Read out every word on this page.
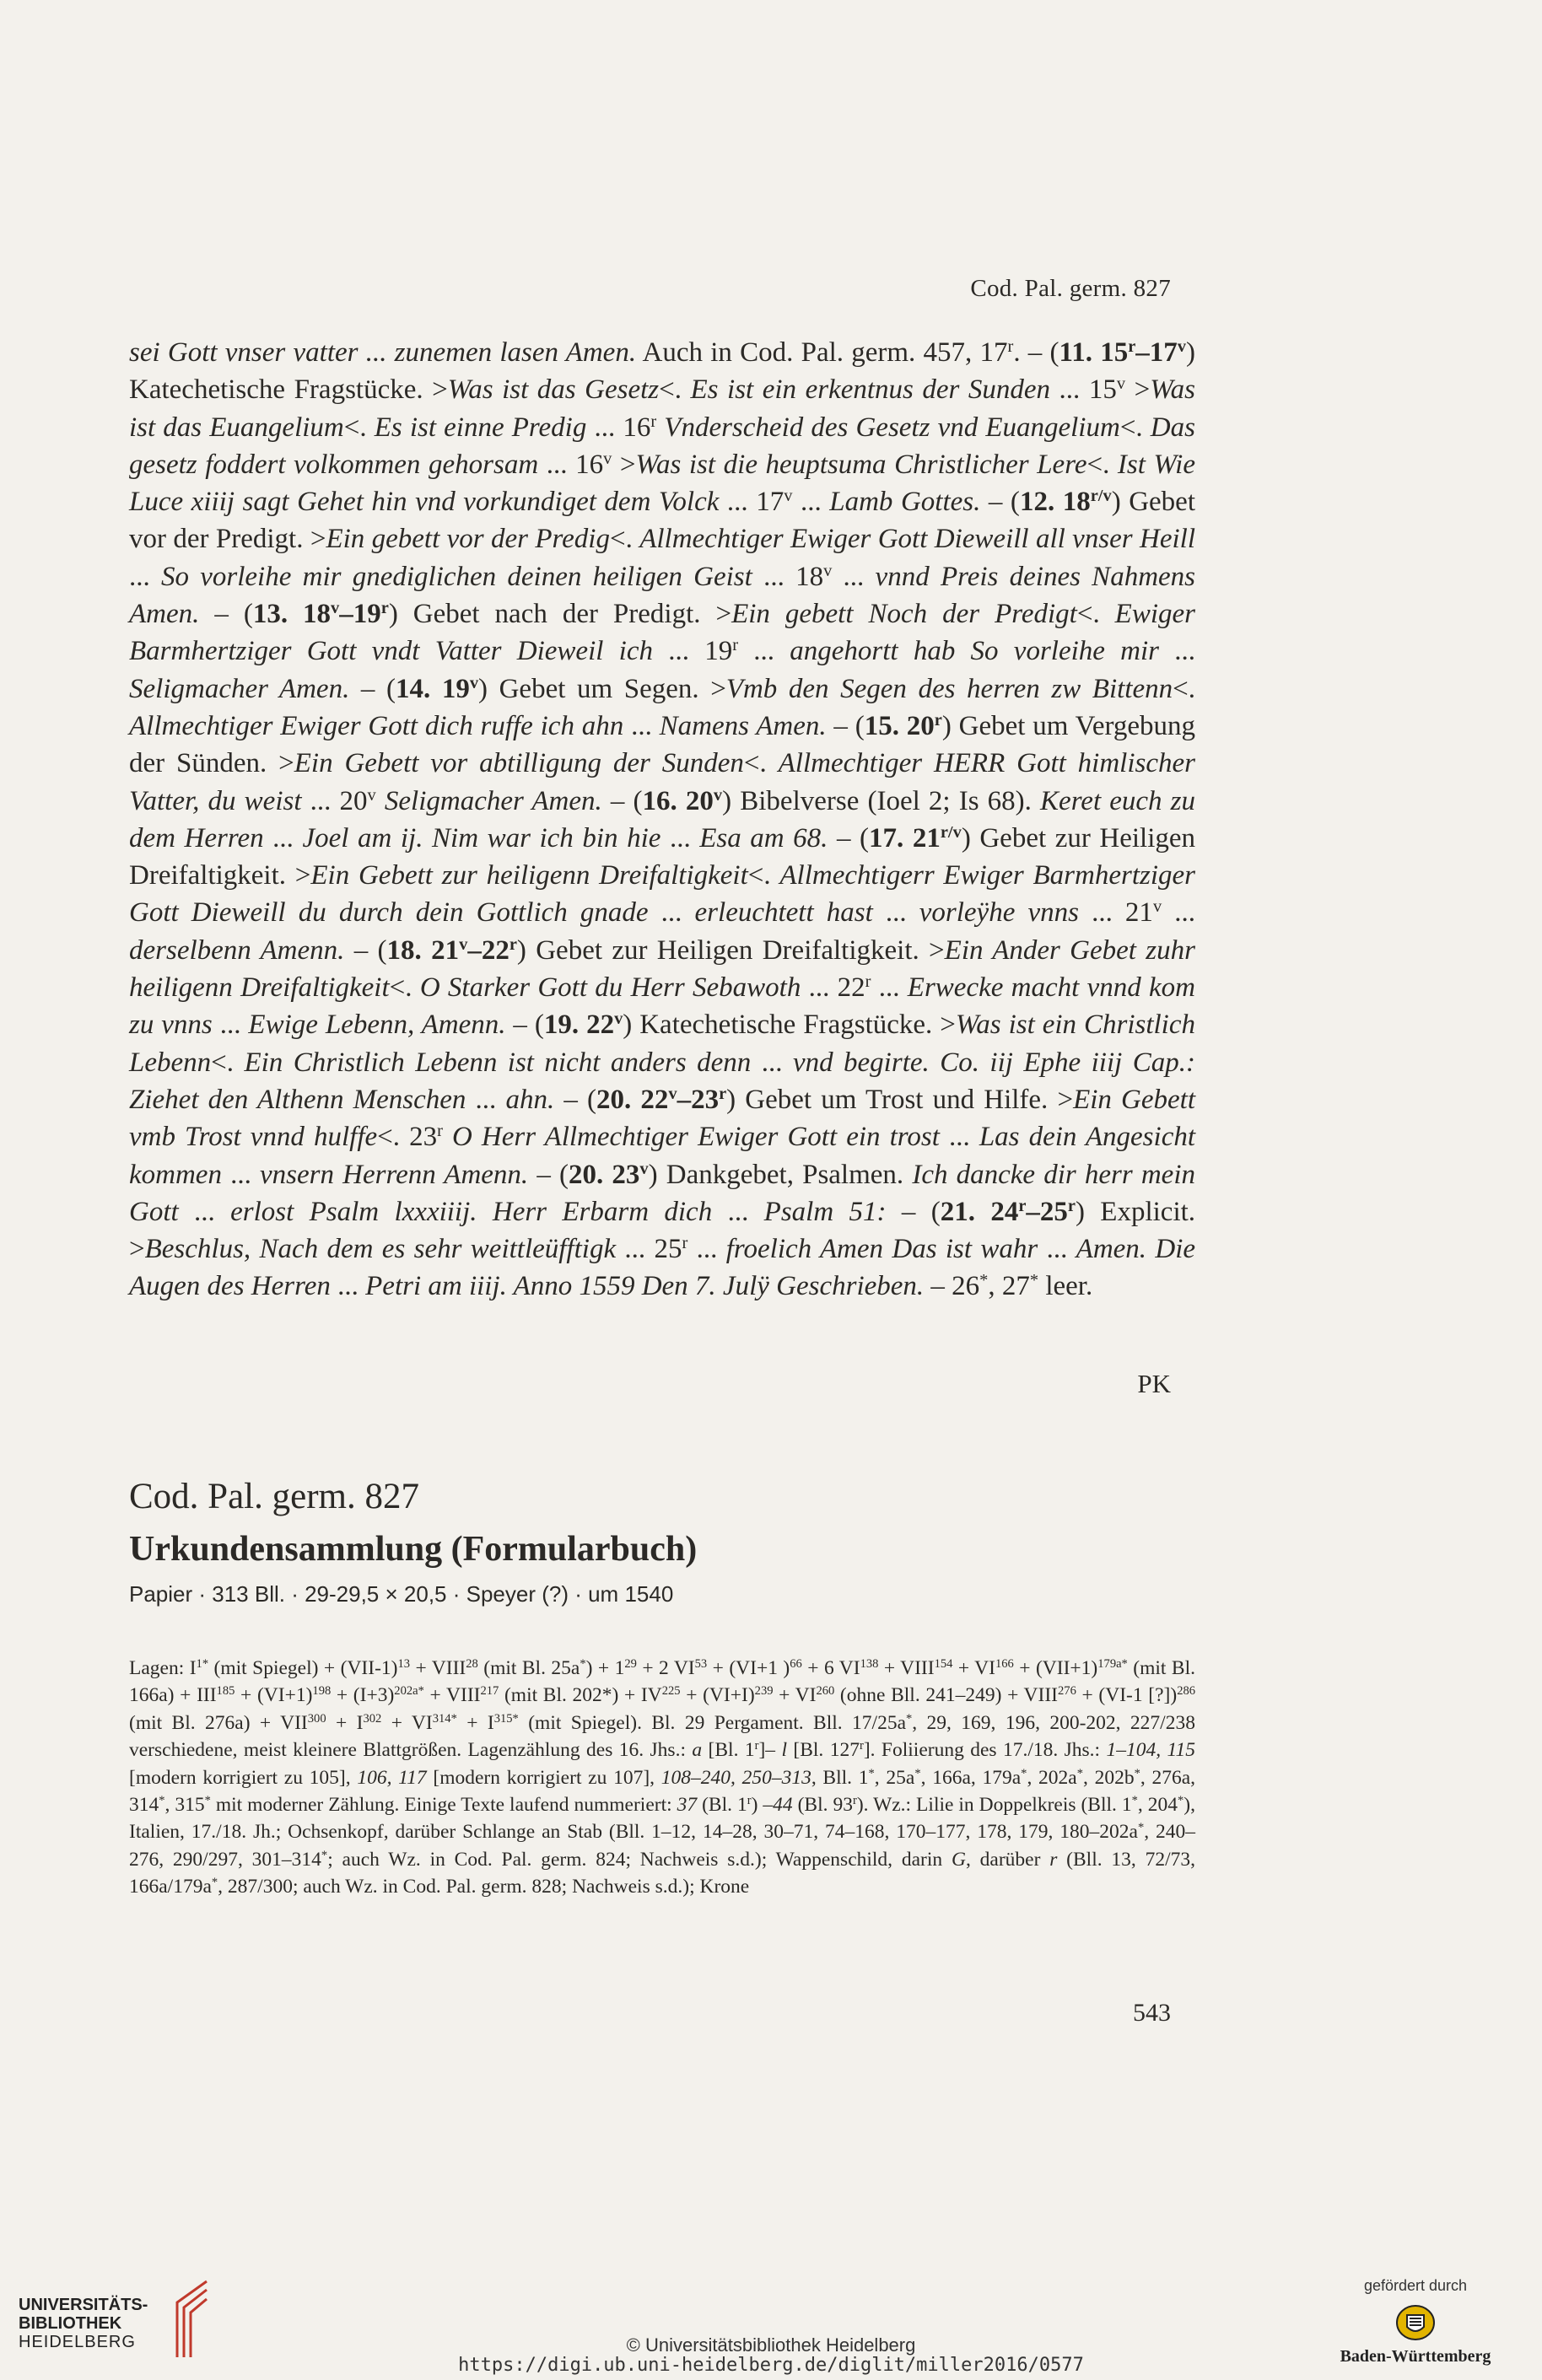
Cod. Pal. germ. 827

sei Gott vnser vatter ... zunemen lasen Amen. Auch in Cod. Pal. germ. 457, 17$^r$. – (11. 15$^r$–17$^v$) Katechetische Fragstücke. >Was ist das Gesetz<. Es ist ein erkentnus der Sunden ... $15^v >Was$ ist das Euangelium<. Es ist einne Predig ... 16$^r$ Vnderscheid des Gesetz vnd Euangelium<. Das gesetz foddert volkommen gehorsam ... $16^v >Was$ ist die heuptsuma Christlicher Lere<. Ist Wie Luce xiiij sagt Gehet hin vnd vorkundiget dem Volck ... 17$^v$ ... Lamb Gottes. – (12. $18^{r/v}$) Gebet vor der Predigt. >Ein gebett vor der Predig<. Allmechtiger Ewiger Gott Dieweill all vnser Heill ... So vorleihe mir gnediglichen deinen heiligen Geist ... 18$^v$ ... vnnd Preis deines Nahmens Amen. – (13. 18$^v$–19$^r$) Gebet nach der Predigt. >Ein gebett Noch der Predigt<. Ewiger Barmhertziger Gott vndt Vatter Dieweil ich ... 19$^r$ ... angehortt hab So vorleihe mir ... Seligmacher Amen. – (14. 19$^v$) Gebet um Segen. >Vmb den Segen des herren zw Bittenn<. Allmechtiger Ewiger Gott dich ruffe ich ahn ... Namens Amen. – (15. 20$^r$) Gebet um Vergebung der Sünden. >Ein Gebett vor abtilligung der Sunden<. Allmechtiger HERR Gott himlischer Vatter, du weist ... 20$^v$ Seligmacher Amen. – (16. 20$^v$) Bibelverse (Ioel 2; Is 68). Keret euch zu dem Herren ... Joel am ij. Nim war ich bin hie ... Esa am 68. – (17. $21^{r/v}$) Gebet zur Heiligen Dreifaltigkeit. >Ein Gebett zur heiligenn Dreifaltigkeit<. Allmechtigerr Ewiger Barmhertziger Gott Dieweill du durch dein Gottlich gnade ... erleuchtett hast ... vorleÿhe vnns ... 21$^v$ ... derselbenn Amenn. – (18. 21$^v$–22$^r$) Gebet zur Heiligen Dreifaltigkeit. >Ein Ander Gebet zuhr heiligenn Dreifaltigkeit<. O Starker Gott du Herr Sebawoth ... 22$^r$ ... Erwecke macht vnnd kom zu vnns ... Ewige Lebenn, Amenn. – (19. 22$^v$) Katechetische Fragstücke. >Was ist ein Christlich Lebenn<. Ein Christlich Lebenn ist nicht anders denn ... vnd begirte. Co. iij Ephe iiij Cap.: Ziehet den Althenn Menschen ... ahn. – (20. 22$^v$–23$^r$) Gebet um Trost und Hilfe. >Ein Gebett vmb Trost vnnd hulffe<. 23$^r$ O Herr Allmechtiger Ewiger Gott ein trost ... Las dein Angesicht kommen ... vnsern Herrenn Amenn. – (20. 23$^v$) Dankgebet, Psalmen. Ich dancke dir herr mein Gott ... erlost Psalm lxxxiiij. Herr Erbarm dich ... Psalm 51: – (21. 24$^r$–25$^r$) Explicit. >Beschlus, Nach dem es sehr weittleüfftigk ... 25$^r$ ... froelich Amen Das ist wahr ... Amen. Die Augen des Herren ... Petri am iiij. Anno 1559 Den 7. Julÿ Geschrieben. – 26*, 27* leer.

PK
Cod. Pal. germ. 827
Urkundensammlung (Formularbuch)
Papier · 313 Bll. · 29-29,5 × 20,5 · Speyer (?) · um 1540

Lagen: $I^{1*}$ (mit Spiegel) + $(VII-1)^{13}$ + $VIII^{28}$ (mit Bl. $25a^*) + 1^{29} + 2$ $VI^{53} + (VI+1$ )$^{66}$ + 6 $VI^{138}$ + $VIII^{154} + VI^{166} + (VII+1)^{179a*}$ (mit Bl. $166a) + III^{185} + (VI+1)^{198} + (I+3)^{202a*}$ + $VIII^{217}$ (mit Bl. $202*) + IV^{225} + (VI+I)^{239} + VI^{260}$ (ohne Bll. $241-249) + VIII^{276} + (VI-1$ [?])$^{286}$ (mit Bl. $276a) + VII^{300} + I^{302} + VI^{314*} + I^{315*}$ (mit Spiegel). Bl. 29 Pergament. Bll. 17/25a*, 29, 169, 196, 200-202, 227/238 verschiedene, meist kleinere Blattgrößen. Lagenzählung des 16. Jhs.: a [Bl. 1$^r$]– l [Bl. 127$^r$]. Foliierung des 17./18. Jhs.: 1–104, 115 [modern korrigiert zu 105], 106, 117 [modern korrigiert zu 107], 108–240, 250–313, Bll. 1*, 25a*, 166a, 179a*, 202a*, 202b*, 276a, 314*, 315* mit moderner Zählung. Einige Texte laufend nummeriert: 37 (Bl. 1$^r$) –44 (Bl. 93$^r$). Wz.: Lilie in Doppelkreis (Bll. 1*, 204*), Italien, 17./18. Jh.; Ochsenkopf, darüber Schlange an Stab (Bll. 1–12, 14–28, 30–71, 74–168, 170–177, 178, 179, 180–202a*, 240–276, 290/297, 301–314*; auch Wz. in Cod. Pal. germ. 824; Nachweis s.d.); Wappenschild, darin G, darüber r (Bll. 13, 72/73, 166a/179a*, 287/300; auch Wz. in Cod. Pal. germ. 828; Nachweis s.d.); Krone

543
UNIVERSITÄTS-
BIBLIOTHEK
HEIDELBERG	© Universitätsbibliothek Heidelberg
https://digi.ub.uni-heidelberg.de/diglit/miller2016/0577
gefördert durch
Baden-Württemberg
